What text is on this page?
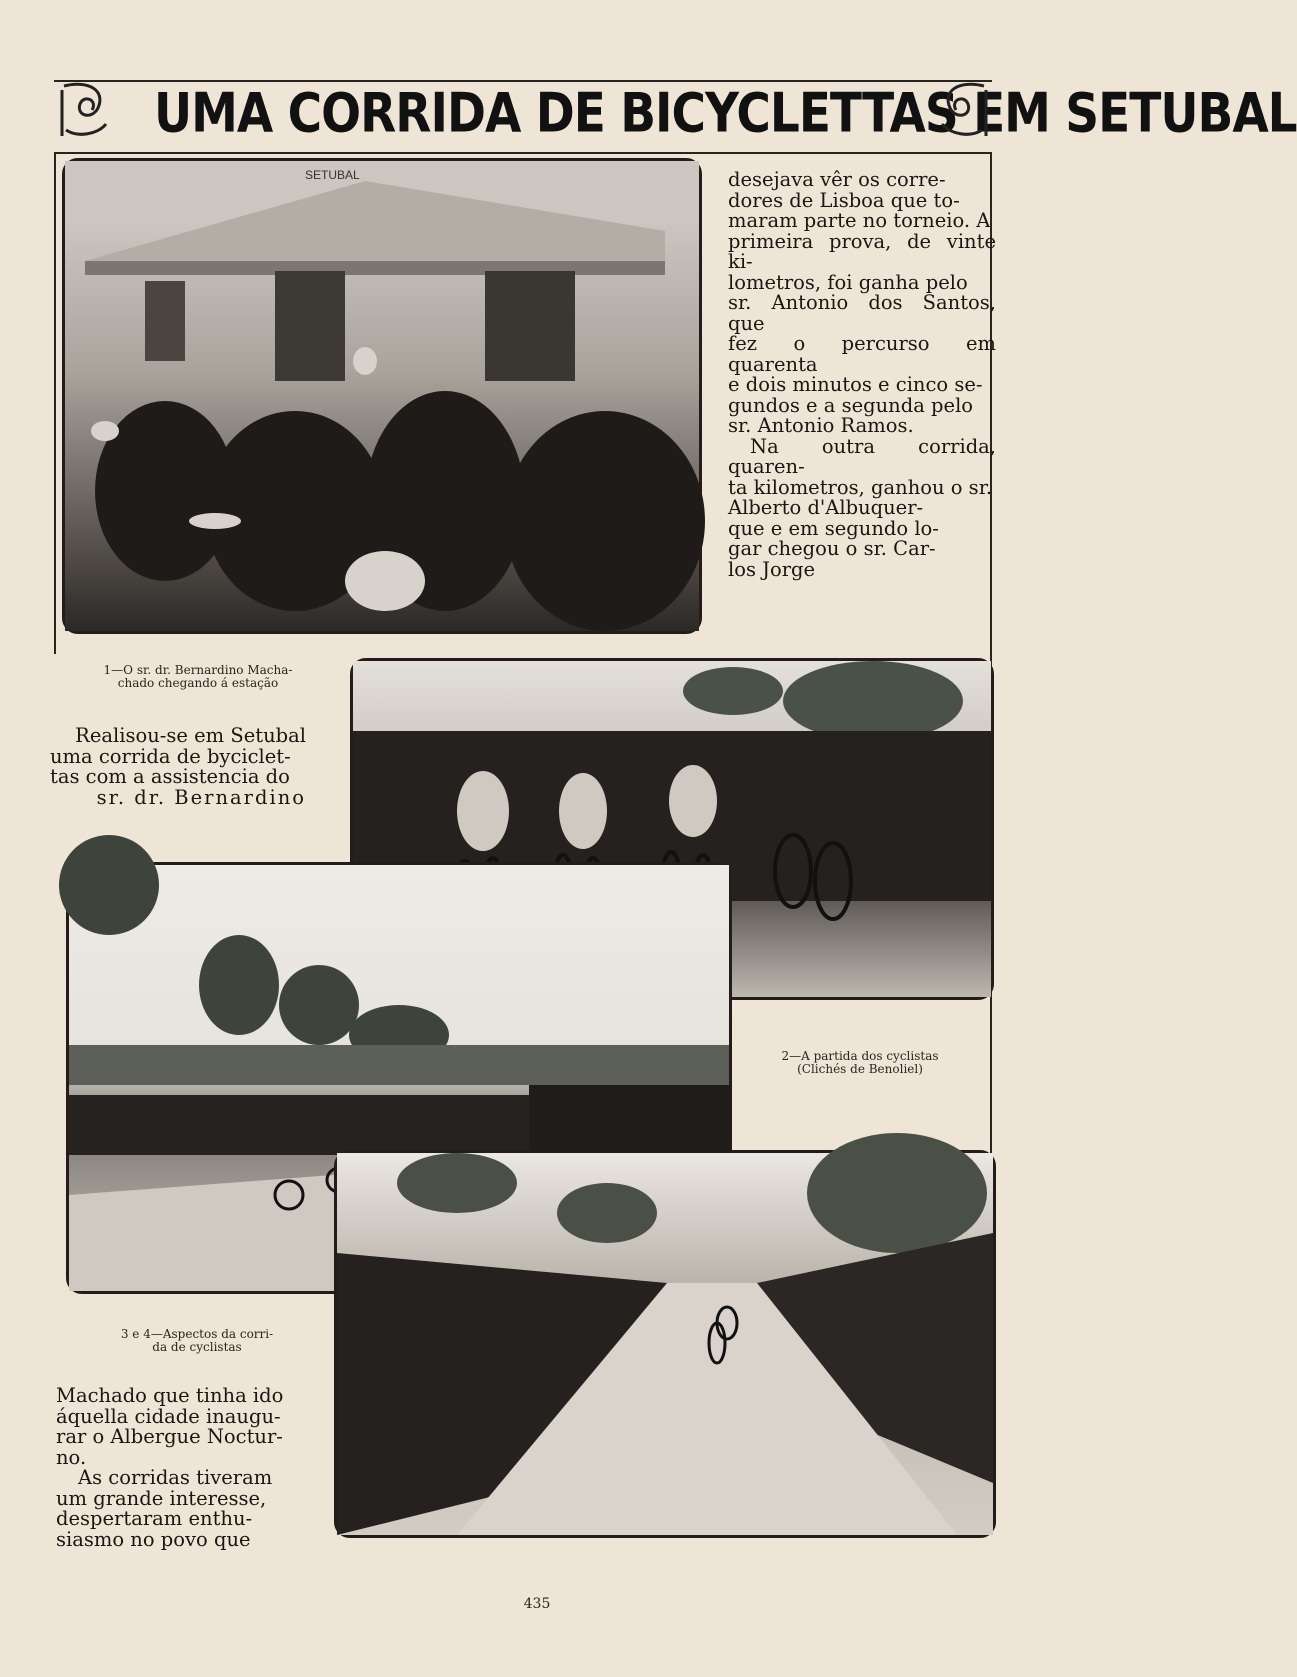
UMA CORRIDA DE BICYCLETTAS EM SETUBAL
SETUBAL	desejava vêr os corre-

dores de Lisboa que to-

maram parte no torneio. A

primeira prova, de vinte ki-

lometros, foi ganha pelo

sr. Antonio dos Santos, que

fez o percurso em quarenta

e dois minutos e cinco se-

gundos e a segunda pelo

sr. Antonio Ramos.

Na outra corrida, quaren-

ta kilometros, ganhou o sr.

Alberto d'Albuquer-

que e em segundo lo-

gar chegou o sr. Car-

los Jorge

1—O sr. dr. Bernardino Macha-
chado chegando á estação

Realisou-se em Setubal

uma corrida de byciclet-

tas com a assistencia do

sr. dr. Bernardino

2—A partida dos cyclistas
(Clichés de Benoliel)
3 e 4—Aspectos da corri-
da de cyclistas

Machado que tinha ido

áquella cidade inaugu-

rar o Albergue Noctur-

no.

As corridas tiveram

um grande interesse,

despertaram enthu-

siasmo no povo que

435
